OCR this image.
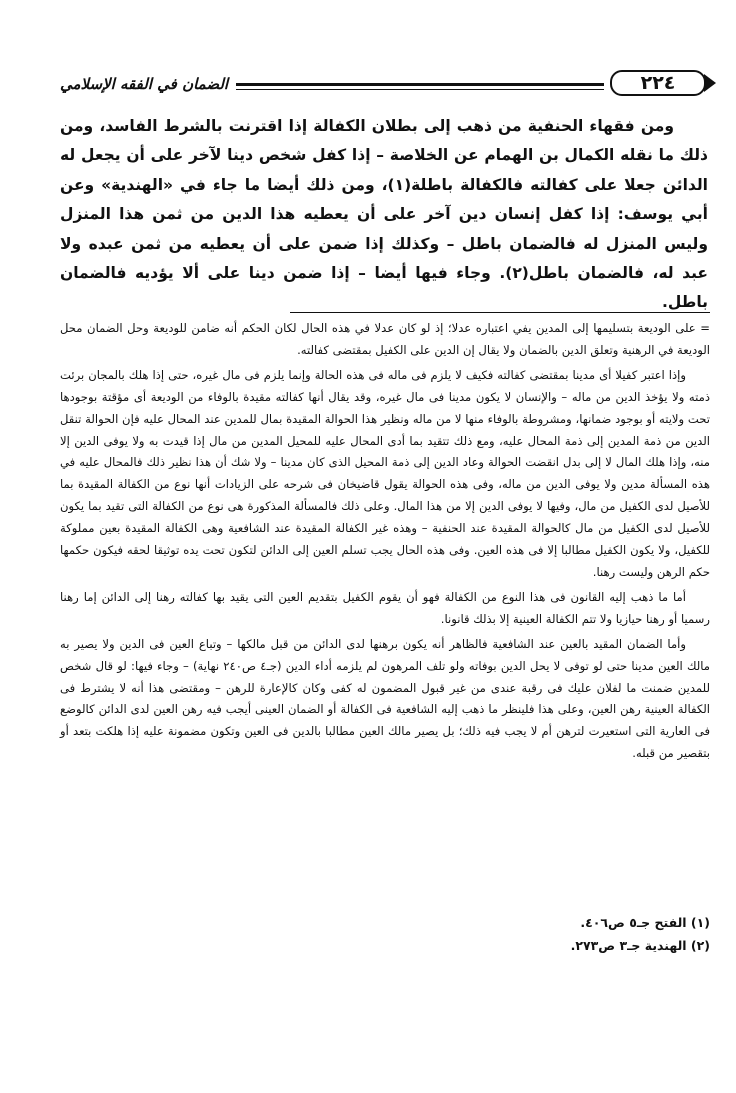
الضمان في الفقه الإسلامي	٢٢٤

ومن فقهاء الحنفية من ذهب إلى بطلان الكفالة إذا اقترنت بالشرط الفاسد، ومن ذلك ما نقله الكمال بن الهمام عن الخلاصة – إذا كفل شخص دينا لآخر على أن يجعل له الدائن جعلا على كفالته فالكفالة باطلة(١)، ومن ذلك أيضا ما جاء في «الهندية» وعن أبي يوسف: إذا كفل إنسان دين آخر على أن يعطيه هذا الدين من ثمن هذا المنزل وليس المنزل له فالضمان باطل – وكذلك إذا ضمن على أن يعطيه من ثمن عبده ولا عبد له، فالضمان باطل(٢). وجاء فيها أيضا – إذا ضمن دينا على ألا يؤديه فالضمان باطل.

= على الوديعة بتسليمها إلى المدين يفي اعتباره عدلا؛ إذ لو كان عدلا في هذه الحال لكان الحكم أنه ضامن للوديعة وحل الضمان محل الوديعة في الرهنية وتعلق الدين بالضمان ولا يقال إن الدين على الكفيل بمقتضى كفالته.

وإذا اعتبر كفيلا أى مدينا بمقتضى كفالته فكيف لا يلزم فى ماله فى هذه الحالة وإنما يلزم فى مال غيره، حتى إذا هلك بالمجان برئت ذمته ولا يؤخذ الدين من ماله – والإنسان لا يكون مدينا فى مال غيره، وقد يقال أنها كفالته مقيدة بالوفاء من الوديعة أى مؤقتة بوجودها تحت ولايته أو بوجود ضمانها، ومشروطة بالوفاء منها لا من ماله ونظير هذا الحوالة المقيدة بمال للمدين عند المحال عليه فإن الحوالة تنقل الدين من ذمة المدين إلى ذمة المحال عليه، ومع ذلك تتقيد بما أدى المحال عليه للمحيل المدين من مال إذا قيدت به ولا يوفى الدين إلا منه، وإذا هلك المال لا إلى بدل انقضت الحوالة وعاد الدين إلى ذمة المحيل الذى كان مدينا – ولا شك أن هذا نظير ذلك فالمحال عليه في هذه المسألة مدين ولا يوفى الدين من ماله، وفى هذه الحوالة يقول قاضيخان فى شرحه على الزيادات أنها نوع من الكفالة المقيدة بما للأصيل لدى الكفيل من مال، وفيها لا يوفى الدين إلا من هذا المال. وعلى ذلك فالمسألة المذكورة هى نوع من الكفالة التى تقيد بما يكون للأصيل لدى الكفيل من مال كالحوالة المقيدة عند الحنفية – وهذه غير الكفالة المقيدة عند الشافعية وهى الكفالة المقيدة بعين مملوكة للكفيل، ولا يكون الكفيل مطالبا إلا فى هذه العين. وفى هذه الحال يجب تسلم العين إلى الدائن لتكون تحت يده توثيقا لحقه فيكون حكمها حكم الرهن وليست رهنا.

أما ما ذهب إليه القانون فى هذا النوع من الكفالة فهو أن يقوم الكفيل بتقديم العين التى يقيد بها كفالته رهنا إلى الدائن إما رهنا رسميا أو رهنا حيازيا ولا تتم الكفالة العينية إلا بذلك قانونا.

وأما الضمان المقيد بالعين عند الشافعية فالظاهر أنه يكون برهنها لدى الدائن من قبل مالكها – وتباع العين فى الدين ولا يصير به مالك العين مدينا حتى لو توفى لا يحل الدين بوفاته ولو تلف المرهون لم يلزمه أداء الدين (جـ٤ ص٢٤٠ نهاية) – وجاء فيها: لو قال شخص للمدين ضمنت ما لفلان عليك فى رقبة عندى من غير قبول المضمون له كفى وكان كالإعارة للرهن – ومقتضى هذا أنه لا يشترط فى الكفالة العينية رهن العين، وعلى هذا فلينظر ما ذهب إليه الشافعية فى الكفالة أو الضمان العينى أيجب فيه رهن العين لدى الدائن كالوضع فى العارية التى استعيرت لترهن أم لا يجب فيه ذلك؛ بل يصير مالك العين مطالبا بالدين فى العين وتكون مضمونة عليه إذا هلكت بتعد أو بتقصير من قبله.

(١) الفتح جـ٥ ص٤٠٦.
(٢) الهندية جـ٣ ص٢٧٣.
